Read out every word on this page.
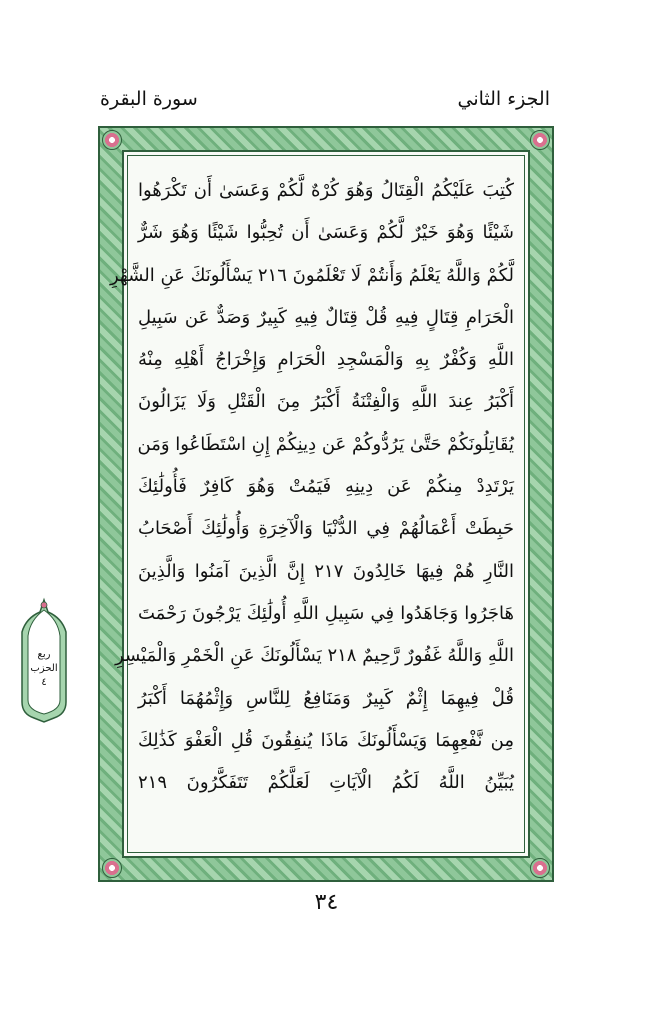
الجزء الثاني
سورة البقرة
كُتِبَ عَلَيْكُمُ الْقِتَالُ وَهُوَ كُرْهٌ لَّكُمْ وَعَسَىٰ أَن تَكْرَهُوا
شَيْئًا وَهُوَ خَيْرٌ لَّكُمْ وَعَسَىٰ أَن تُحِبُّوا شَيْئًا وَهُوَ شَرٌّ
لَّكُمْ وَاللَّهُ يَعْلَمُ وَأَنتُمْ لَا تَعْلَمُونَ ٢١٦ يَسْأَلُونَكَ عَنِ الشَّهْرِ
الْحَرَامِ قِتَالٍ فِيهِ قُلْ قِتَالٌ فِيهِ كَبِيرٌ وَصَدٌّ عَن سَبِيلِ
اللَّهِ وَكُفْرٌ بِهِ وَالْمَسْجِدِ الْحَرَامِ وَإِخْرَاجُ أَهْلِهِ مِنْهُ
أَكْبَرُ عِندَ اللَّهِ وَالْفِتْنَةُ أَكْبَرُ مِنَ الْقَتْلِ وَلَا يَزَالُونَ
يُقَاتِلُونَكُمْ حَتَّىٰ يَرُدُّوكُمْ عَن دِينِكُمْ إِنِ اسْتَطَاعُوا وَمَن
يَرْتَدِدْ مِنكُمْ عَن دِينِهِ فَيَمُتْ وَهُوَ كَافِرٌ فَأُولَٰئِكَ
حَبِطَتْ أَعْمَالُهُمْ فِي الدُّنْيَا وَالْآخِرَةِ وَأُولَٰئِكَ أَصْحَابُ
النَّارِ هُمْ فِيهَا خَالِدُونَ ٢١٧ إِنَّ الَّذِينَ آمَنُوا وَالَّذِينَ
هَاجَرُوا وَجَاهَدُوا فِي سَبِيلِ اللَّهِ أُولَٰئِكَ يَرْجُونَ رَحْمَتَ
اللَّهِ وَاللَّهُ غَفُورٌ رَّحِيمٌ ٢١٨ يَسْأَلُونَكَ عَنِ الْخَمْرِ وَالْمَيْسِرِ
قُلْ فِيهِمَا إِثْمٌ كَبِيرٌ وَمَنَافِعُ لِلنَّاسِ وَإِثْمُهُمَا أَكْبَرُ
مِن نَّفْعِهِمَا وَيَسْأَلُونَكَ مَاذَا يُنفِقُونَ قُلِ الْعَفْوَ كَذَٰلِكَ
يُبَيِّنُ اللَّهُ لَكُمُ الْآيَاتِ لَعَلَّكُمْ تَتَفَكَّرُونَ ٢١٩
ربع
الحزب
٤
٣٤
